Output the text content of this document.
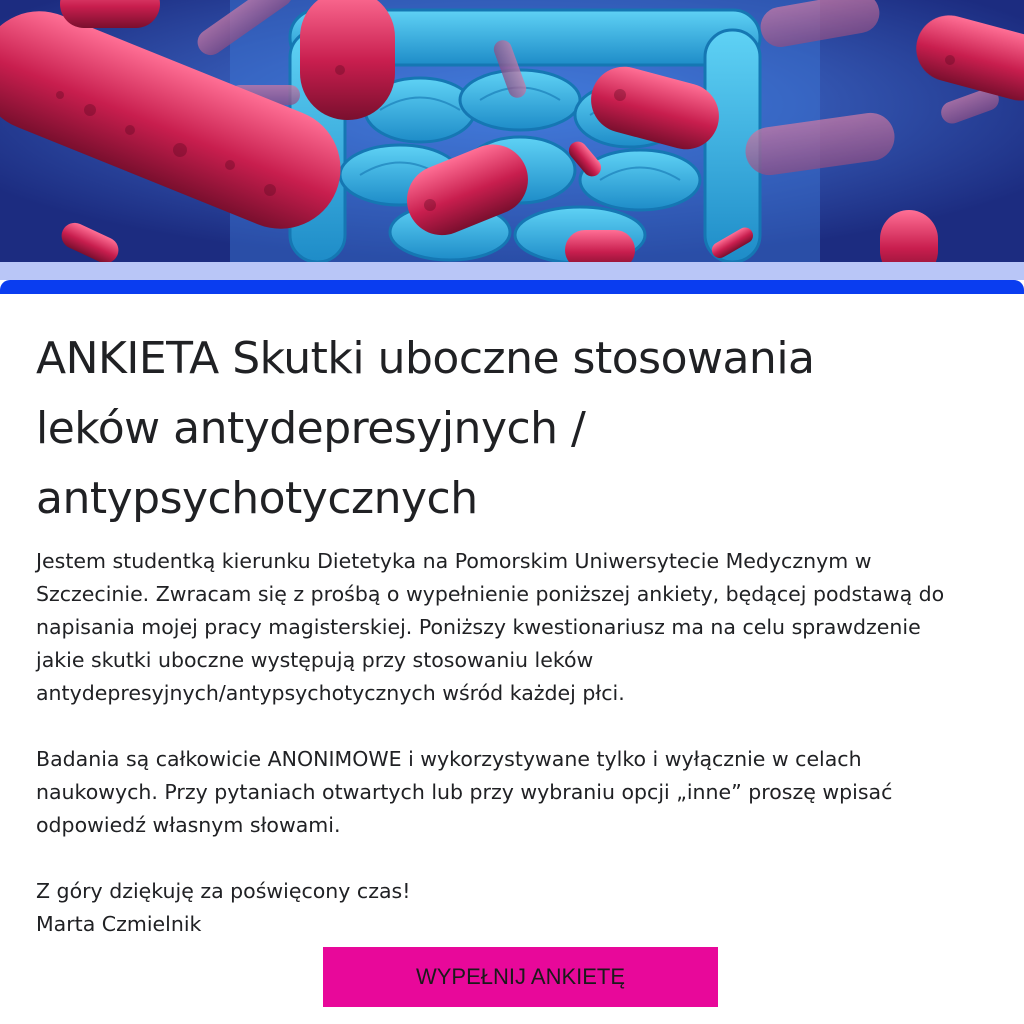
ANKIETA Skutki uboczne stosowania
leków antydepresyjnych /
antypsychotycznych

Jestem studentką kierunku Dietetyka na Pomorskim Uniwersytecie Medycznym w
Szczecinie. Zwracam się z prośbą o wypełnienie poniższej ankiety, będącej podstawą do
napisania mojej pracy magisterskiej. Poniższy kwestionariusz ma na celu sprawdzenie
jakie skutki uboczne występują przy stosowaniu leków
antydepresyjnych/antypsychotycznych wśród każdej płci.

Badania są całkowicie ANONIMOWE i wykorzystywane tylko i wyłącznie w celach
naukowych. Przy pytaniach otwartych lub przy wybraniu opcji „inne” proszę wpisać
odpowiedź własnym słowami.

Z góry dziękuję za poświęcony czas!
Marta Czmielnik

WYPEŁNIJ ANKIETĘ
